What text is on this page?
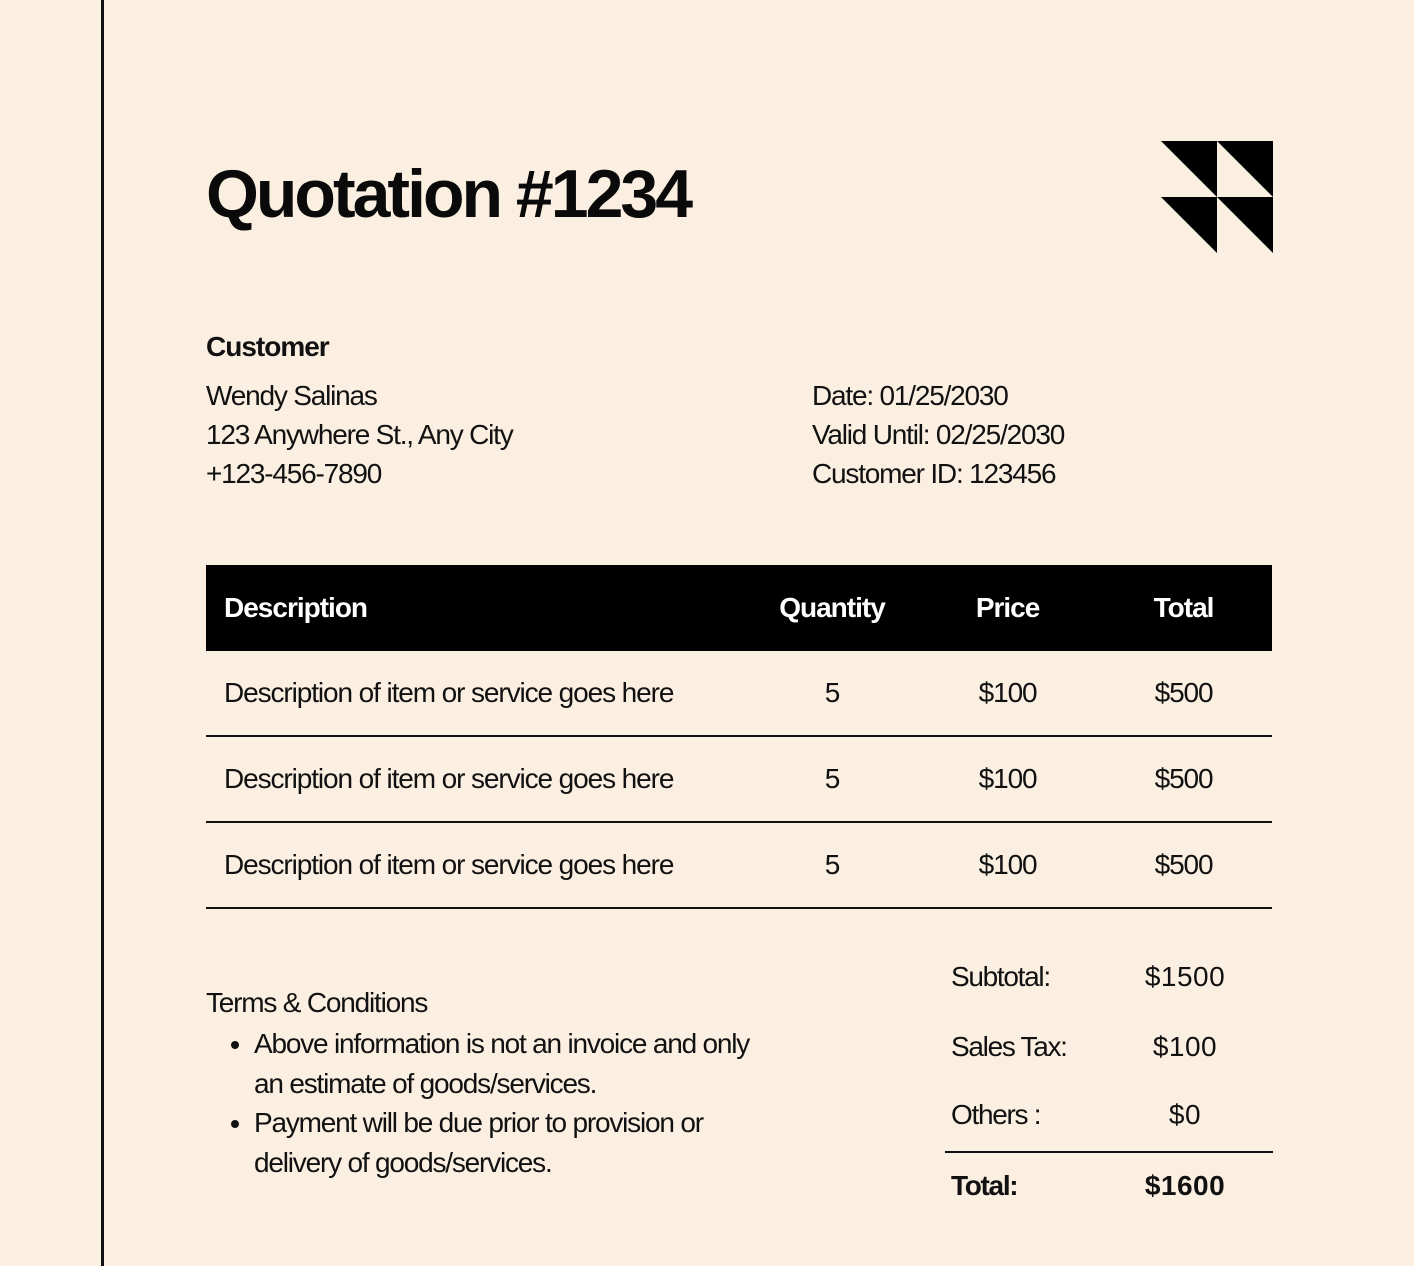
Quotation #1234
Customer
Wendy Salinas
123 Anywhere St., Any City
+123-456-7890
Date: 01/25/2030
Valid Until: 02/25/2030
Customer ID: 123456
Description	Quantity	Price	Total
Description of item or service goes here	5	$100	$500
Description of item or service goes here	5	$100	$500
Description of item or service goes here	5	$100	$500
Terms & Conditions
• Above information is not an invoice and only an estimate of goods/services.
• Payment will be due prior to provision or delivery of goods/services.
Subtotal:	$1500
Sales Tax:	$100
Others :	$0
Total:	$1600
